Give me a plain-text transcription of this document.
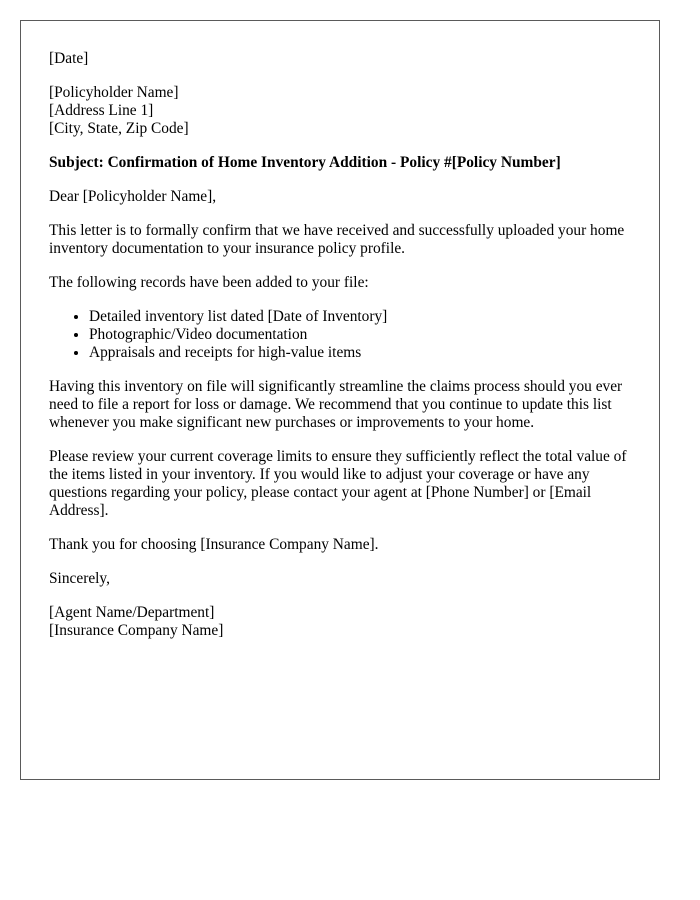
[Date]

[Policyholder Name]
[Address Line 1]
[City, State, Zip Code]

Subject: Confirmation of Home Inventory Addition - Policy #[Policy Number]

Dear [Policyholder Name],

This letter is to formally confirm that we have received and successfully uploaded your home inventory documentation to your insurance policy profile.

The following records have been added to your file:

• Detailed inventory list dated [Date of Inventory]
• Photographic/Video documentation
• Appraisals and receipts for high-value items

Having this inventory on file will significantly streamline the claims process should you ever need to file a report for loss or damage. We recommend that you continue to update this list whenever you make significant new purchases or improvements to your home.

Please review your current coverage limits to ensure they sufficiently reflect the total value of the items listed in your inventory. If you would like to adjust your coverage or have any questions regarding your policy, please contact your agent at [Phone Number] or [Email Address].

Thank you for choosing [Insurance Company Name].

Sincerely,

[Agent Name/Department]
[Insurance Company Name]
